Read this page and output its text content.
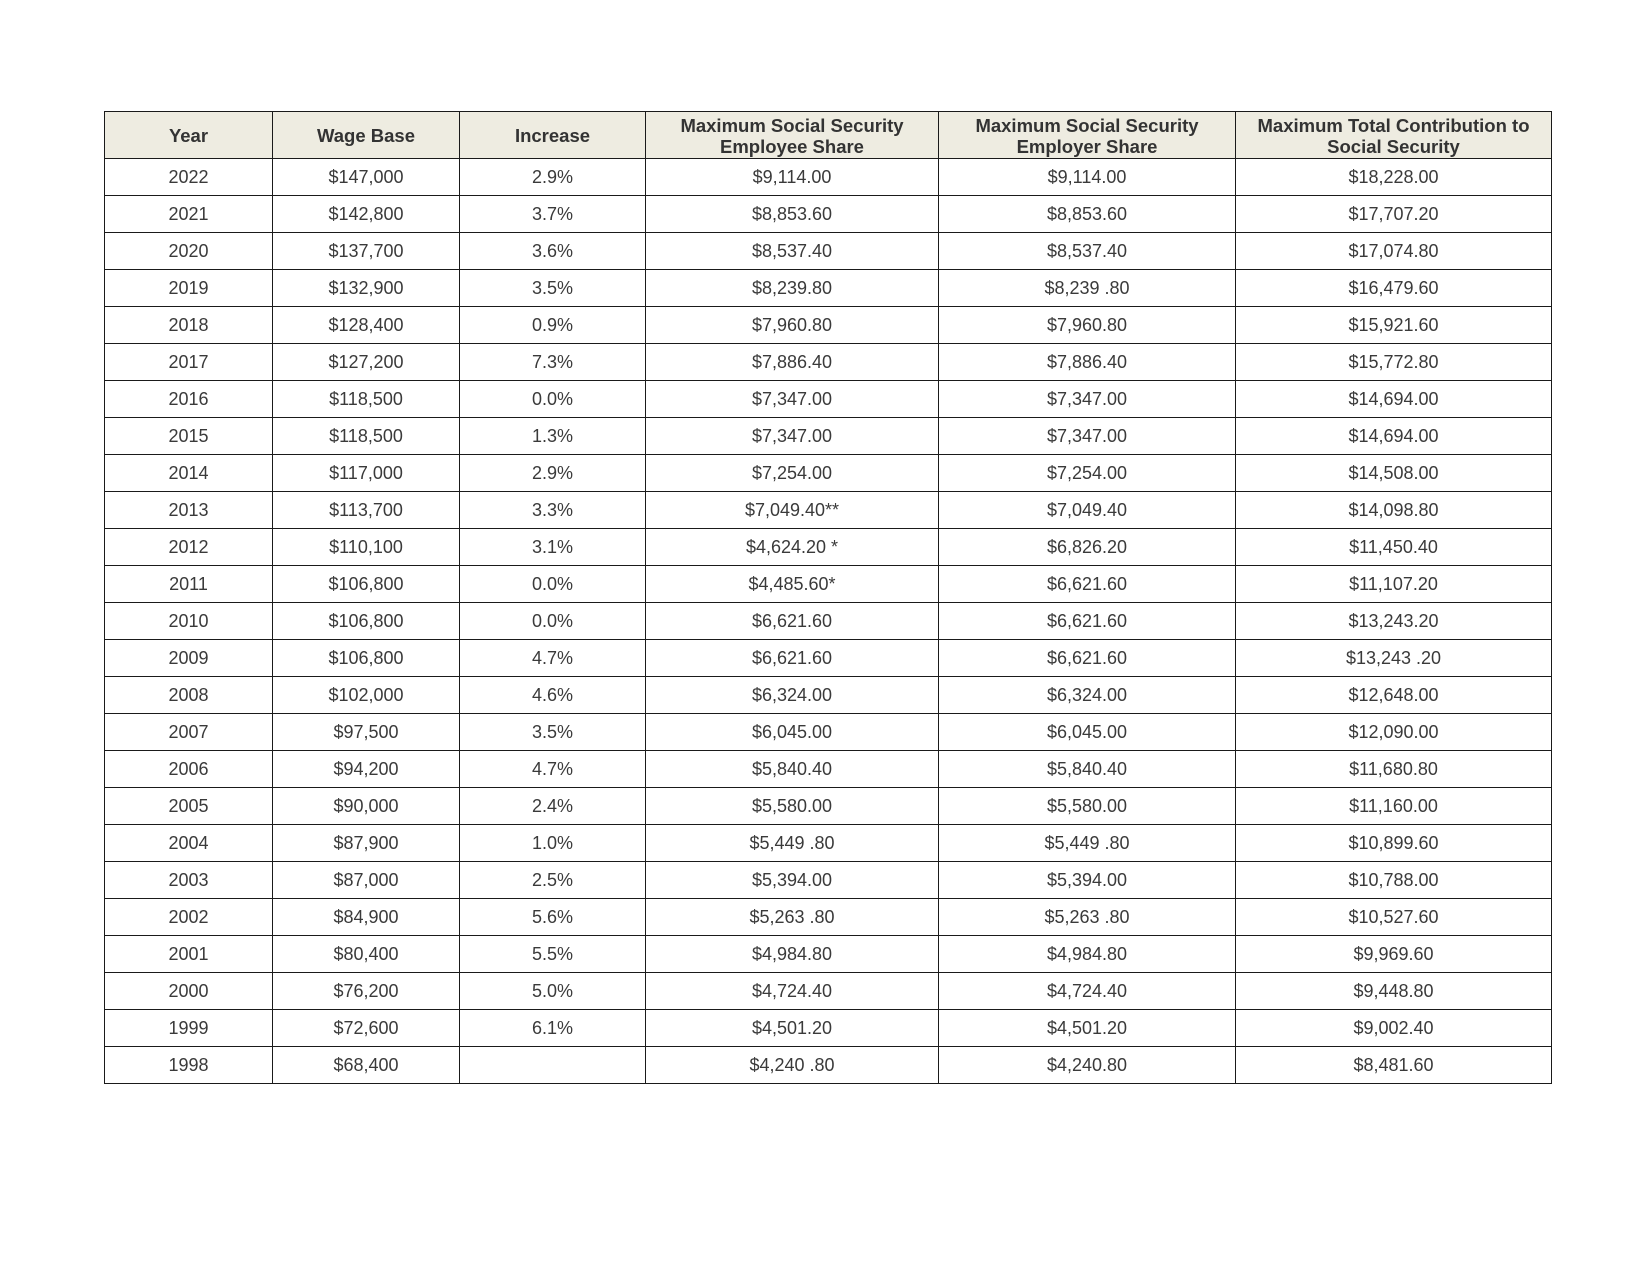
Year	Wage Base	Increase	Maximum Social Security Employee Share	Maximum Social Security Employer Share	Maximum Total Contribution to Social Security
2022	$147,000	2.9%	$9,114.00	$9,114.00	$18,228.00
2021	$142,800	3.7%	$8,853.60	$8,853.60	$17,707.20
2020	$137,700	3.6%	$8,537.40	$8,537.40	$17,074.80
2019	$132,900	3.5%	$8,239.80	$8,239 .80	$16,479.60
2018	$128,400	0.9%	$7,960.80	$7,960.80	$15,921.60
2017	$127,200	7.3%	$7,886.40	$7,886.40	$15,772.80
2016	$118,500	0.0%	$7,347.00	$7,347.00	$14,694.00
2015	$118,500	1.3%	$7,347.00	$7,347.00	$14,694.00
2014	$117,000	2.9%	$7,254.00	$7,254.00	$14,508.00
2013	$113,700	3.3%	$7,049.40**	$7,049.40	$14,098.80
2012	$110,100	3.1%	$4,624.20 *	$6,826.20	$11,450.40
2011	$106,800	0.0%	$4,485.60*	$6,621.60	$11,107.20
2010	$106,800	0.0%	$6,621.60	$6,621.60	$13,243.20
2009	$106,800	4.7%	$6,621.60	$6,621.60	$13,243 .20
2008	$102,000	4.6%	$6,324.00	$6,324.00	$12,648.00
2007	$97,500	3.5%	$6,045.00	$6,045.00	$12,090.00
2006	$94,200	4.7%	$5,840.40	$5,840.40	$11,680.80
2005	$90,000	2.4%	$5,580.00	$5,580.00	$11,160.00
2004	$87,900	1.0%	$5,449 .80	$5,449 .80	$10,899.60
2003	$87,000	2.5%	$5,394.00	$5,394.00	$10,788.00
2002	$84,900	5.6%	$5,263 .80	$5,263 .80	$10,527.60
2001	$80,400	5.5%	$4,984.80	$4,984.80	$9,969.60
2000	$76,200	5.0%	$4,724.40	$4,724.40	$9,448.80
1999	$72,600	6.1%	$4,501.20	$4,501.20	$9,002.40
1998	$68,400		$4,240 .80	$4,240.80	$8,481.60
